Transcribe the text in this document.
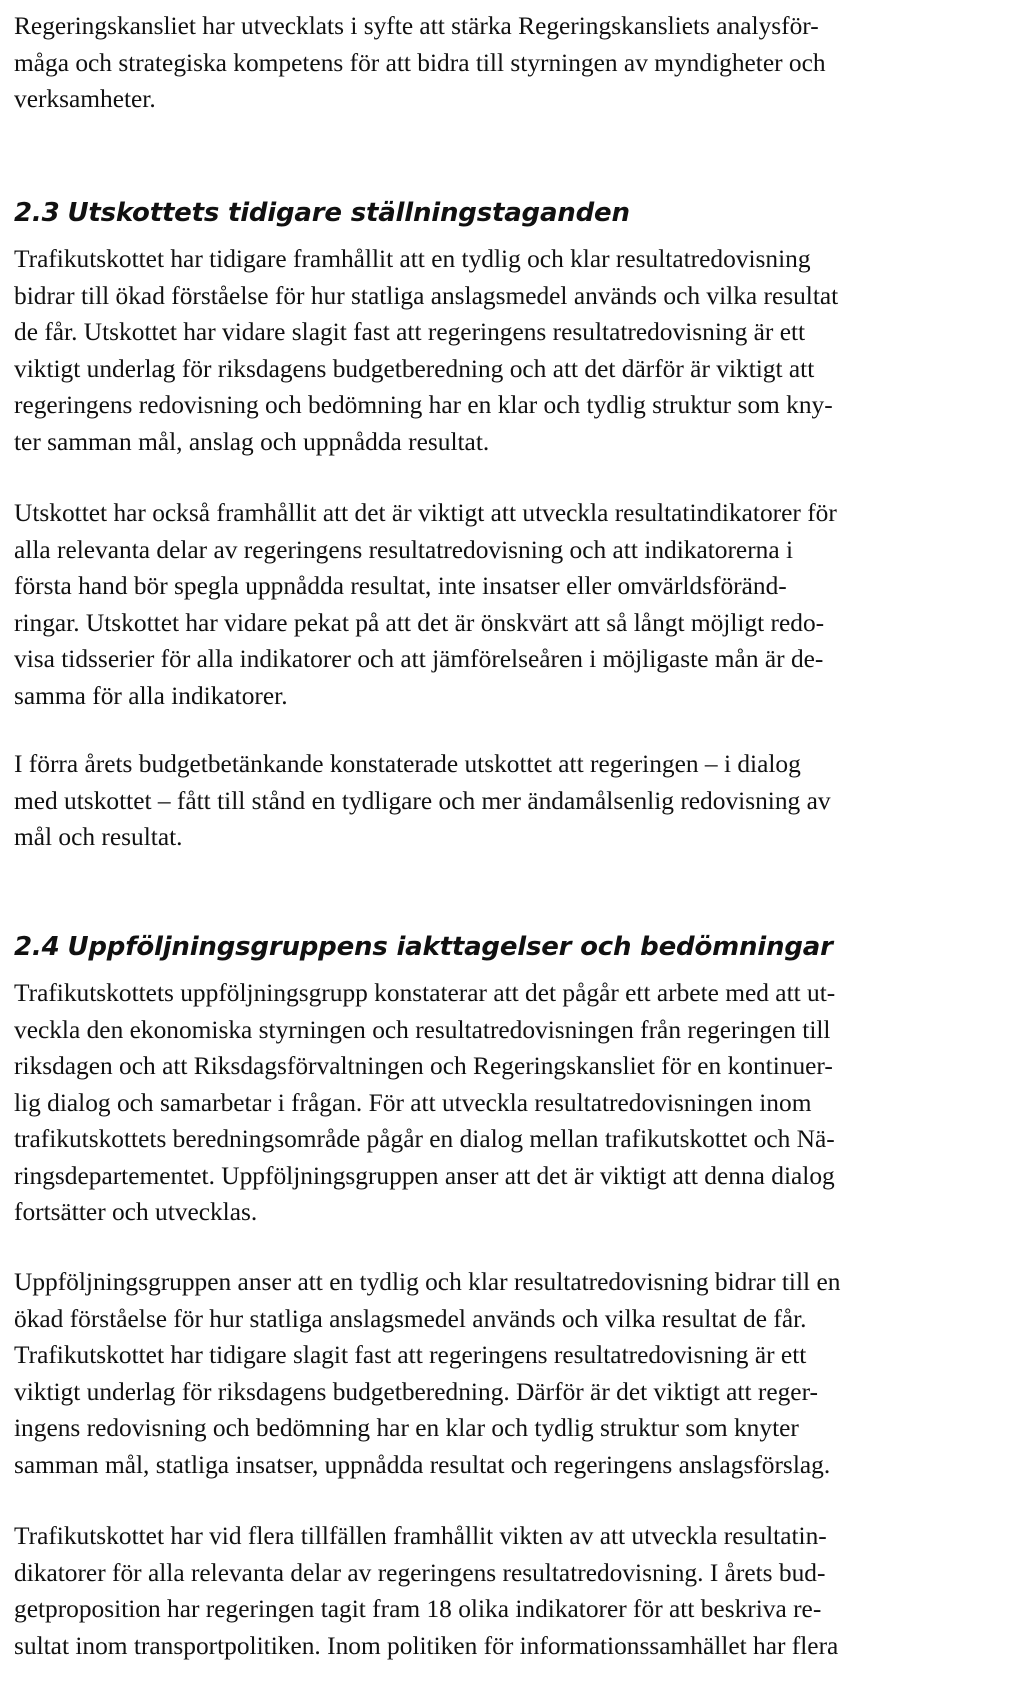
Regeringskansliet har utvecklats i syfte att stärka Regeringskansliets analysför-
måga och strategiska kompetens för att bidra till styrningen av myndigheter och
verksamheter.

2.3 Utskottets tidigare ställningstaganden

Trafikutskottet har tidigare framhållit att en tydlig och klar resultatredovisning
bidrar till ökad förståelse för hur statliga anslagsmedel används och vilka resultat
de får. Utskottet har vidare slagit fast att regeringens resultatredovisning är ett
viktigt underlag för riksdagens budgetberedning och att det därför är viktigt att
regeringens redovisning och bedömning har en klar och tydlig struktur som kny-
ter samman mål, anslag och uppnådda resultat.

Utskottet har också framhållit att det är viktigt att utveckla resultatindikatorer för
alla relevanta delar av regeringens resultatredovisning och att indikatorerna i
första hand bör spegla uppnådda resultat, inte insatser eller omvärldsföränd-
ringar. Utskottet har vidare pekat på att det är önskvärt att så långt möjligt redo-
visa tidsserier för alla indikatorer och att jämförelseåren i möjligaste mån är de-
samma för alla indikatorer.

I förra årets budgetbetänkande konstaterade utskottet att regeringen – i dialog
med utskottet – fått till stånd en tydligare och mer ändamålsenlig redovisning av
mål och resultat.

2.4 Uppföljningsgruppens iakttagelser och bedömningar

Trafikutskottets uppföljningsgrupp konstaterar att det pågår ett arbete med att ut-
veckla den ekonomiska styrningen och resultatredovisningen från regeringen till
riksdagen och att Riksdagsförvaltningen och Regeringskansliet för en kontinuer-
lig dialog och samarbetar i frågan. För att utveckla resultatredovisningen inom
trafikutskottets beredningsområde pågår en dialog mellan trafikutskottet och Nä-
ringsdepartementet. Uppföljningsgruppen anser att det är viktigt att denna dialog
fortsätter och utvecklas.

Uppföljningsgruppen anser att en tydlig och klar resultatredovisning bidrar till en
ökad förståelse för hur statliga anslagsmedel används och vilka resultat de får.
Trafikutskottet har tidigare slagit fast att regeringens resultatredovisning är ett
viktigt underlag för riksdagens budgetberedning. Därför är det viktigt att reger-
ingens redovisning och bedömning har en klar och tydlig struktur som knyter
samman mål, statliga insatser, uppnådda resultat och regeringens anslagsförslag.

Trafikutskottet har vid flera tillfällen framhållit vikten av att utveckla resultatin-
dikatorer för alla relevanta delar av regeringens resultatredovisning. I årets bud-
getproposition har regeringen tagit fram 18 olika indikatorer för att beskriva re-
sultat inom transportpolitiken. Inom politiken för informationssamhället har flera
